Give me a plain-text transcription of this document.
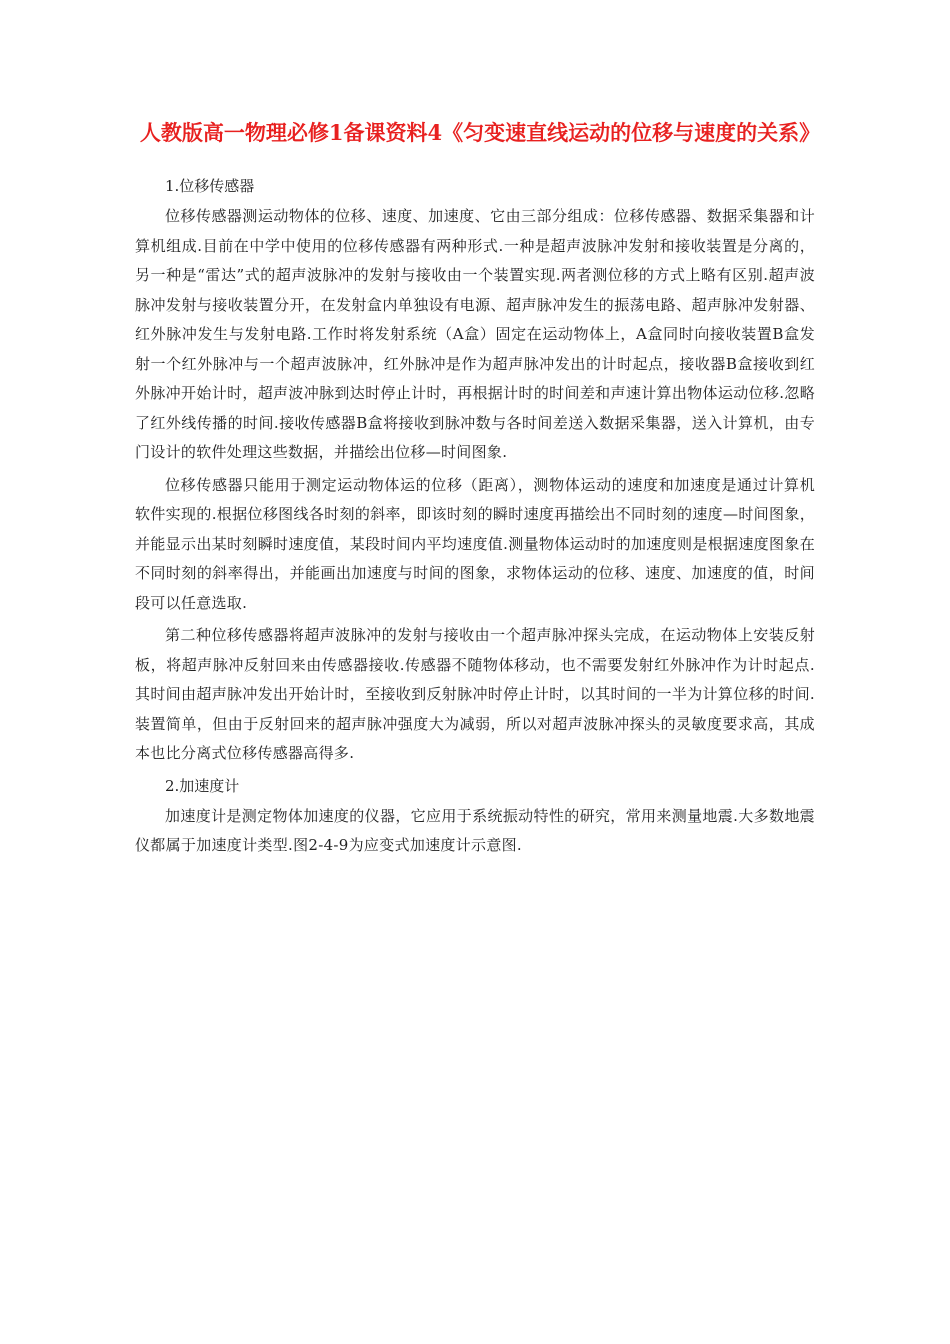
人教版高一物理必修1备课资料4《匀变速直线运动的位移与速度的关系》

1.位移传感器

位移传感器测运动物体的位移、速度、加速度、它由三部分组成：位移传感器、数据采集器和计算机组成.目前在中学中使用的位移传感器有两种形式.一种是超声波脉冲发射和接收装置是分离的，另一种是“雷达”式的超声波脉冲的发射与接收由一个装置实现.两者测位移的方式上略有区别.超声波脉冲发射与接收装置分开，在发射盒内单独设有电源、超声脉冲发生的振荡电路、超声脉冲发射器、红外脉冲发生与发射电路.工作时将发射系统（A盒）固定在运动物体上，A盒同时向接收装置B盒发射一个红外脉冲与一个超声波脉冲，红外脉冲是作为超声脉冲发出的计时起点，接收器B盒接收到红外脉冲开始计时，超声波冲脉到达时停止计时，再根据计时的时间差和声速计算出物体运动位移.忽略了红外线传播的时间.接收传感器B盒将接收到脉冲数与各时间差送入数据采集器，送入计算机，由专门设计的软件处理这些数据，并描绘出位移—时间图象.

位移传感器只能用于测定运动物体运的位移（距离），测物体运动的速度和加速度是通过计算机软件实现的.根据位移图线各时刻的斜率，即该时刻的瞬时速度再描绘出不同时刻的速度—时间图象，并能显示出某时刻瞬时速度值，某段时间内平均速度值.测量物体运动时的加速度则是根据速度图象在不同时刻的斜率得出，并能画出加速度与时间的图象，求物体运动的位移、速度、加速度的值，时间段可以任意选取.

第二种位移传感器将超声波脉冲的发射与接收由一个超声脉冲探头完成，在运动物体上安装反射板，将超声脉冲反射回来由传感器接收.传感器不随物体移动，也不需要发射红外脉冲作为计时起点.其时间由超声脉冲发出开始计时，至接收到反射脉冲时停止计时，以其时间的一半为计算位移的时间.装置简单，但由于反射回来的超声脉冲强度大为减弱，所以对超声波脉冲探头的灵敏度要求高，其成本也比分离式位移传感器高得多.

2.加速度计

加速度计是测定物体加速度的仪器，它应用于系统振动特性的研究，常用来测量地震.大多数地震仪都属于加速度计类型.图2-4-9为应变式加速度计示意图.
